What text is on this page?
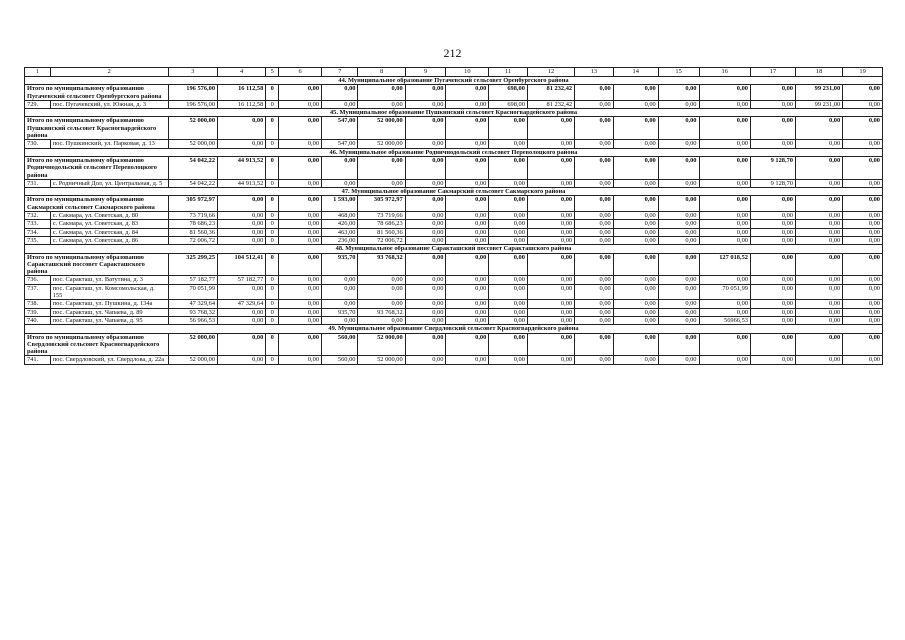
212
1	2	3	4	5	6	7	8	9	10	11	12	13	14	15	16	17	18	19
44. Муниципальное образование Пугачевский сельсовет Оренбургского района																		
Итого по муниципальному образованию Пугачевский сельсовет Оренбургского района		196 576,00	16 112,58	0	0,00	0,00	0,00	0,00	0,00	698,00	81 232,42	0,00	0,00	0,00	0,00	0,00	99 231,00	0,00
729.	пос. Пугачевский, ул. Южная, д. 3	196 576,00	16 112,58	0	0,00	0,00	0,00	0,00	0,00	698,00	81 232,42	0,00	0,00	0,00	0,00	0,00	99 231,00	0,00
45. Муниципальное образование Пушкинский сельсовет Красногвардейского района																		
Итого по муниципальному образованию Пушкинский сельсовет Красногвардейского района		52 000,00	0,00	0	0,00	547,00	52 000,00	0,00	0,00	0,00	0,00	0,00	0,00	0,00	0,00	0,00	0,00	0,00
730.	пос. Пушкинский, ул. Парковая, д. 13	52 000,00	0,00	0	0,00	547,00	52 000,00	0,00	0,00	0,00	0,00	0,00	0,00	0,00	0,00	0,00	0,00	0,00
46. Муниципальное образование Родничнодольский сельсовет Переволоцкого района																		
Итого по муниципальному образованию Родничнодольский сельсовет Переволоцкого района		54 042,22	44 913,52	0	0,00	0,00	0,00	0,00	0,00	0,00	0,00	0,00	0,00	0,00	0,00	9 128,70	0,00	0,00
731.	с. Родничный Дол, ул. Центральная, д. 5	54 042,22	44 913,52	0	0,00	0,00	0,00	0,00	0,00	0,00	0,00	0,00	0,00	0,00	0,00	9 128,70	0,00	0,00
47. Муниципальное образование Сакмарский сельсовет Сакмарского района																		
Итого по муниципальному образованию Сакмарский сельсовет Сакмарского района		305 972,97	0,00	0	0,00	1 593,00	305 972,97	0,00	0,00	0,00	0,00	0,00	0,00	0,00	0,00	0,00	0,00	0,00
732.	с. Сакмара, ул. Советская, д. 80	73 719,66	0,00	0	0,00	468,00	73 719,66	0,00	0,00	0,00	0,00	0,00	0,00	0,00	0,00	0,00	0,00	0,00
733.	с. Сакмара, ул. Советская, д. 83	78 686,23	0,00	0	0,00	426,00	78 686,23	0,00	0,00	0,00	0,00	0,00	0,00	0,00	0,00	0,00	0,00	0,00
734.	с. Сакмара, ул. Советская, д. 84	81 560,36	0,00	0	0,00	463,00	81 560,36	0,00	0,00	0,00	0,00	0,00	0,00	0,00	0,00	0,00	0,00	0,00
735.	с. Сакмара, ул. Советская, д. 86	72 006,72	0,00	0	0,00	236,00	72 006,72	0,00	0,00	0,00	0,00	0,00	0,00	0,00	0,00	0,00	0,00	0,00
48. Муниципальное образование Саракташский поссовет Саракташского района																		
Итого по муниципальному образованию Саракташский поссовет Саракташского района		325 299,25	104 512,41	0	0,00	935,70	93 768,32	0,00	0,00	0,00	0,00	0,00	0,00	0,00	127 018,52	0,00	0,00	0,00
736.	пос. Саракташ, ул. Ватутина, д. 3	57 182,77	57 182,77	0	0,00	0,00	0,00	0,00	0,00	0,00	0,00	0,00	0,00	0,00	0,00	0,00	0,00	0,00
737.	пос. Саракташ, ул. Комсомольская, д. 155	70 051,99	0,00	0	0,00	0,00	0,00	0,00	0,00	0,00	0,00	0,00	0,00	0,00	70 051,99	0,00	0,00	0,00
738.	пос. Саракташ, ул. Пушкина, д. 134а	47 329,64	47 329,64	0	0,00	0,00	0,00	0,00	0,00	0,00	0,00	0,00	0,00	0,00	0,00	0,00	0,00	0,00
739.	пос. Саракташ, ул. Чапаева, д. 89	93 768,32	0,00	0	0,00	935,70	93 768,32	0,00	0,00	0,00	0,00	0,00	0,00	0,00	0,00	0,00	0,00	0,00
740.	пос. Саракташ, ул. Чапаева, д. 95	56 966,53	0,00	0	0,00	0,00	0,00	0,00	0,00	0,00	0,00	0,00	0,00	0,00	56966,53	0,00	0,00	0,00
49. Муниципальное образование Свердловский сельсовет Красногвардейского района																		
Итого по муниципальному образованию Свердловский сельсовет Красногвардейского района		52 000,00	0,00	0	0,00	560,00	52 000,00	0,00	0,00	0,00	0,00	0,00	0,00	0,00	0,00	0,00	0,00	0,00
741.	пос. Свердловский, ул. Свердлова, д. 22а	52 000,00	0,00	0	0,00	560,00	52 000,00	0,00	0,00	0,00	0,00	0,00	0,00	0,00	0,00	0,00	0,00	0,00
